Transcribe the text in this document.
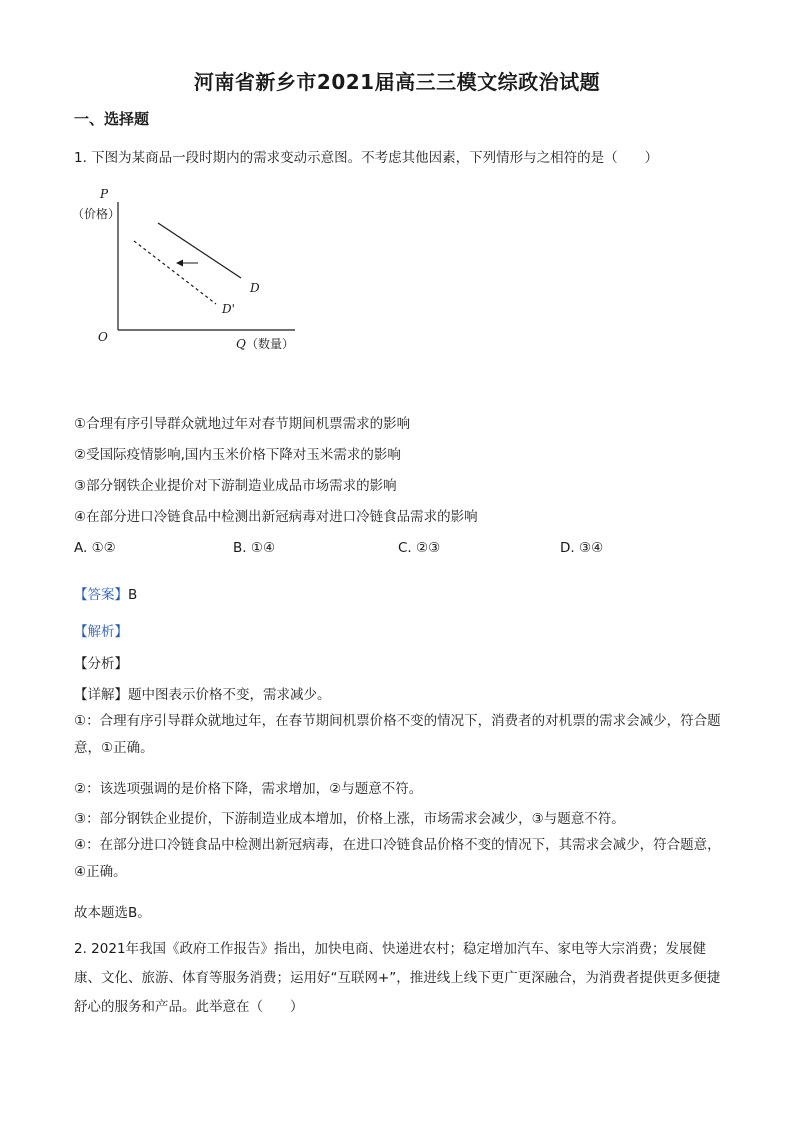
河南省新乡市2021届高三三模文综政治试题
一、选择题
1. 下图为某商品一段时期内的需求变动示意图。不考虑其他因素，下列情形与之相符的是（　　）
P
（价格）
O	Q （数量）
D
D'
①合理有序引导群众就地过年对春节期间机票需求的影响
②受国际疫情影响,国内玉米价格下降对玉米需求的影响
③部分钢铁企业提价对下游制造业成品市场需求的影响
④在部分进口冷链食品中检测出新冠病毒对进口冷链食品需求的影响
A. ①②	B. ①④	C. ②③	D. ③④
【答案】B
【解析】
【分析】
【详解】题中图表示价格不变，需求减少。
①：合理有序引导群众就地过年，在春节期间机票价格不变的情况下，消费者的对机票的需求会减少，符合题意，①正确。
②：该选项强调的是价格下降，需求增加，②与题意不符。
③：部分钢铁企业提价，下游制造业成本增加，价格上涨，市场需求会减少，③与题意不符。
④：在部分进口冷链食品中检测出新冠病毒，在进口冷链食品价格不变的情况下，其需求会减少，符合题意，④正确。
故本题选B。
2. 2021年我国《政府工作报告》指出，加快电商、快递进农村；稳定增加汽车、家电等大宗消费；发展健康、文化、旅游、体育等服务消费；运用好“互联网+”，推进线上线下更广更深融合，为消费者提供更多便捷舒心的服务和产品。此举意在（　　）
